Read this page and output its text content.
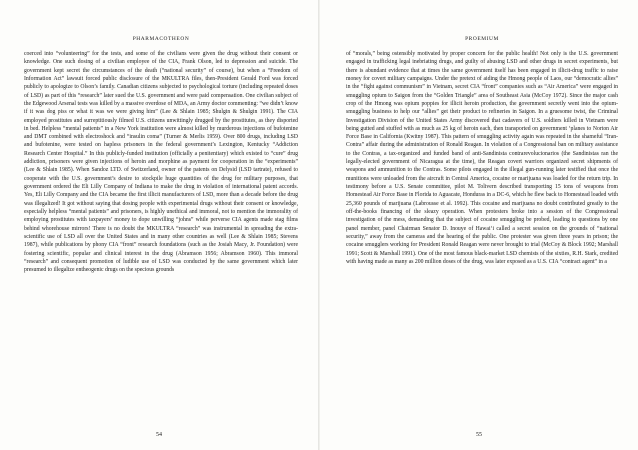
PHARMACOTHEON

coerced into “volunteering” for the tests, and some of the civilians were given the drug without their consent or knowledge. One such dosing of a civilian employee of the CIA, Frank Olson, led to depression and suicide. The government kept secret the circumstances of the death (“national security” of course), but when a “Freedom of Information Act” lawsuit forced public disclosure of the MKULTRA files, then-President Gerald Ford was forced publicly to apologize to Olson’s family. Canadian citizens subjected to psychological torture (including repeated doses of LSD) as part of this “research” later sued the U.S. government and were paid compensation. One civilian subject of the Edgewood Arsenal tests was killed by a massive overdose of MDA, an Army doctor commenting: “we didn’t know if it was dog piss or what it was we were giving him” (Lee & Shlain 1985; Shulgin & Shulgin 1991). The CIA employed prostitutes and surreptitiously filmed U.S. citizens unwittingly drugged by the prostitutes, as they disported in bed. Helpless “mental patients” in a New York institution were almost killed by murderous injections of bufotenine and DMT combined with electroshock and “insulin coma” (Turner & Merlis 1959). Over 800 drugs, including LSD and bufotenine, were tested on hapless prisoners in the federal government’s Lexington, Kentucky “Addiction Research Center Hospital.” In this publicly-funded institution (officially a penitentiary) which existed to “cure” drug addiction, prisoners were given injections of heroin and morphine as payment for cooperation in the “experiments” (Lee & Shlain 1985). When Sandoz LTD. of Switzerland, owner of the patents on Delysid (LSD tartrate), refused to cooperate with the U.S. government’s desire to stockpile huge quantities of the drug for military purposes, that government ordered the Eli Lilly Company of Indiana to make the drug in violation of international patent accords. Yes, Eli Lilly Company and the CIA became the first illicit manufacturers of LSD, more than a decade before the drug was illegalized! It got without saying that dosing people with experimental drugs without their consent or knowledge, especially helpless “mental patients” and prisoners, is highly unethical and immoral, not to mention the immorality of employing prostitutes with taxpayers’ money to dope unwilling “johns” while perverse CIA agents made stag films behind whorehouse mirrors! There is no doubt the MKULTRA “research” was instrumental in spreading the extra-scientific use of LSD all over the United States and in many other countries as well (Lee & Shlain 1985; Stevens 1987), while publications by phony CIA “front” research foundations (such as the Josiah Macy, Jr. Foundation) were fostering scientific, popular and clinical interest in the drug (Abramson 1956; Abramson 1960). This immoral “research” and consequent promotion of ludible use of LSD was conducted by the same government which later presumed to illegalize entheogenic drugs on the specious grounds

54
PROEMIUM

of “morals,” being ostensibly motivated by proper concern for the public health! Not only is the U.S. government engaged in trafficking legal inebriating drugs, and guilty of abusing LSD and other drugs in secret experiments, but there is abundant evidence that at times the same government itself has been engaged in illicit-drug traffic to raise money for covert military campaigns. Under the pretext of aiding the Hmong people of Laos, our “democratic allies” in the “fight against communism” in Vietnam, secret CIA “front” companies such as “Air America” were engaged in smuggling opium to Saigon from the “Golden Triangle” area of Southeast Asia (McCoy 1972). Since the major cash crop of the Hmong was opium poppies for illicit heroin production, the government secretly went into the opium-smuggling business to help our “allies” get their product to refineries in Saigon. In a gruesome twist, the Criminal Investigation Division of the United States Army discovered that cadavers of U.S. soldiers killed in Vietnam were being gutted and stuffed with as much as 25 kg of heroin each, then transported on government ‘planes to Norton Air Force Base in California (Kwitny 1987). This pattern of smuggling activity again was repeated in the shameful “Iran-Contra” affair during the administration of Ronald Reagan. In violation of a Congressional ban on military assistance to the Contras, a tax-organized and funded band of anti-Sandinista contrarevolucionarios (the Sandinistas ran the legally-elected government of Nicaragua at the time), the Reagan covert warriors organized secret shipments of weapons and ammunition to the Contras. Some pilots engaged in the illegal gun-running later testified that once the munitions were unloaded from the aircraft in Central America, cocaine or marijuana was loaded for the return trip. In testimony before a U.S. Senate committee, pilot M. Tolivern described transporting 15 tons of weapons from Homestead Air Force Base in Florida to Aguacate, Honduras in a DC-6, which he flew back to Homestead loaded with 25,360 pounds of marijuana (Labrousse et al. 1992). This cocaine and marijuana no doubt contributed greatly to the off-the-books financing of the sleazy operation. When protesters broke into a session of the Congressional investigation of the mess, demanding that the subject of cocaine smuggling be probed, leading to questions by one panel member, panel Chairman Senator D. Inouye of Hawai‘i called a secret session on the grounds of “national security,” away from the cameras and the hearing of the public. One protester was given three years in prison; the cocaine smugglers working for President Ronald Reagan were never brought to trial (McCoy & Block 1992; Marshall 1991; Scott & Marshall 1991). One of the most famous black-market LSD chemists of the sixties, R.H. Stark, credited with having made as many as 200 million doses of the drug, was later exposed as a U.S. CIA “contract agent” in a

55
